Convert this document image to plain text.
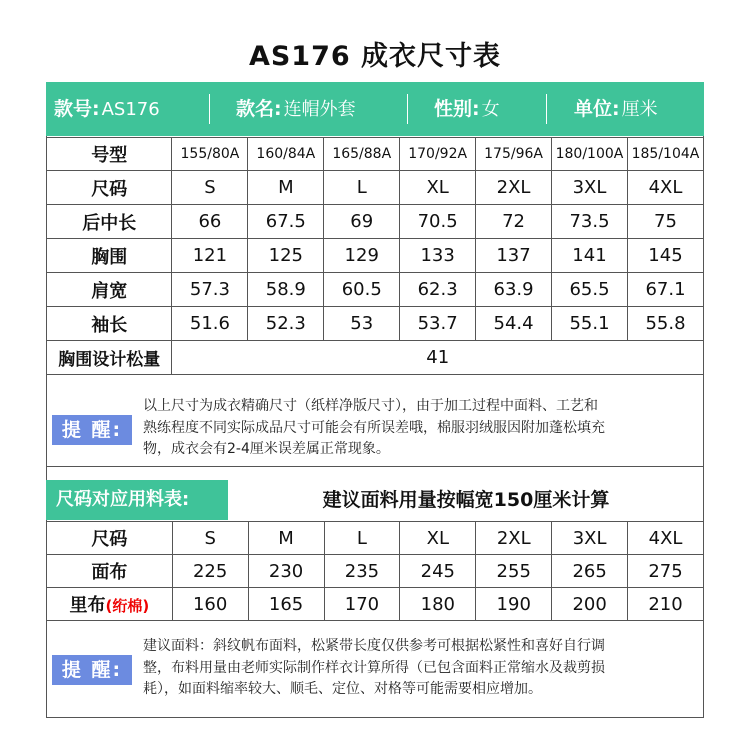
AS176 成衣尺寸表
款号: AS176	款名: 连帽外套	性别: 女	单位: 厘米
号型	155/80A	160/84A	165/88A	170/92A	175/96A	180/100A	185/104A
尺码	S	M	L	XL	2XL	3XL	4XL
后中长	66	67.5	69	70.5	72	73.5	75
胸围	121	125	129	133	137	141	145
肩宽	57.3	58.9	60.5	62.3	63.9	65.5	67.1
袖长	51.6	52.3	53	53.7	54.4	55.1	55.8
胸围设计松量	41						
提 醒:
以上尺寸为成衣精确尺寸（纸样净版尺寸），由于加工过程中面料、工艺和
熟练程度不同实际成品尺寸可能会有所误差哦，棉服羽绒服因附加蓬松填充
物，成衣会有2-4厘米误差属正常现象。
尺码对应用料表:	建议面料用量按幅宽150厘米计算
尺码	S	M	L	XL	2XL	3XL	4XL
面布	225	230	235	245	255	265	275
里布(绗棉)	160	165	170	180	190	200	210
提 醒:
建议面料：斜纹帆布面料，松紧带长度仅供参考可根据松紧性和喜好自行调
整，布料用量由老师实际制作样衣计算所得（已包含面料正常缩水及裁剪损
耗），如面料缩率较大、顺毛、定位、对格等可能需要相应增加。
